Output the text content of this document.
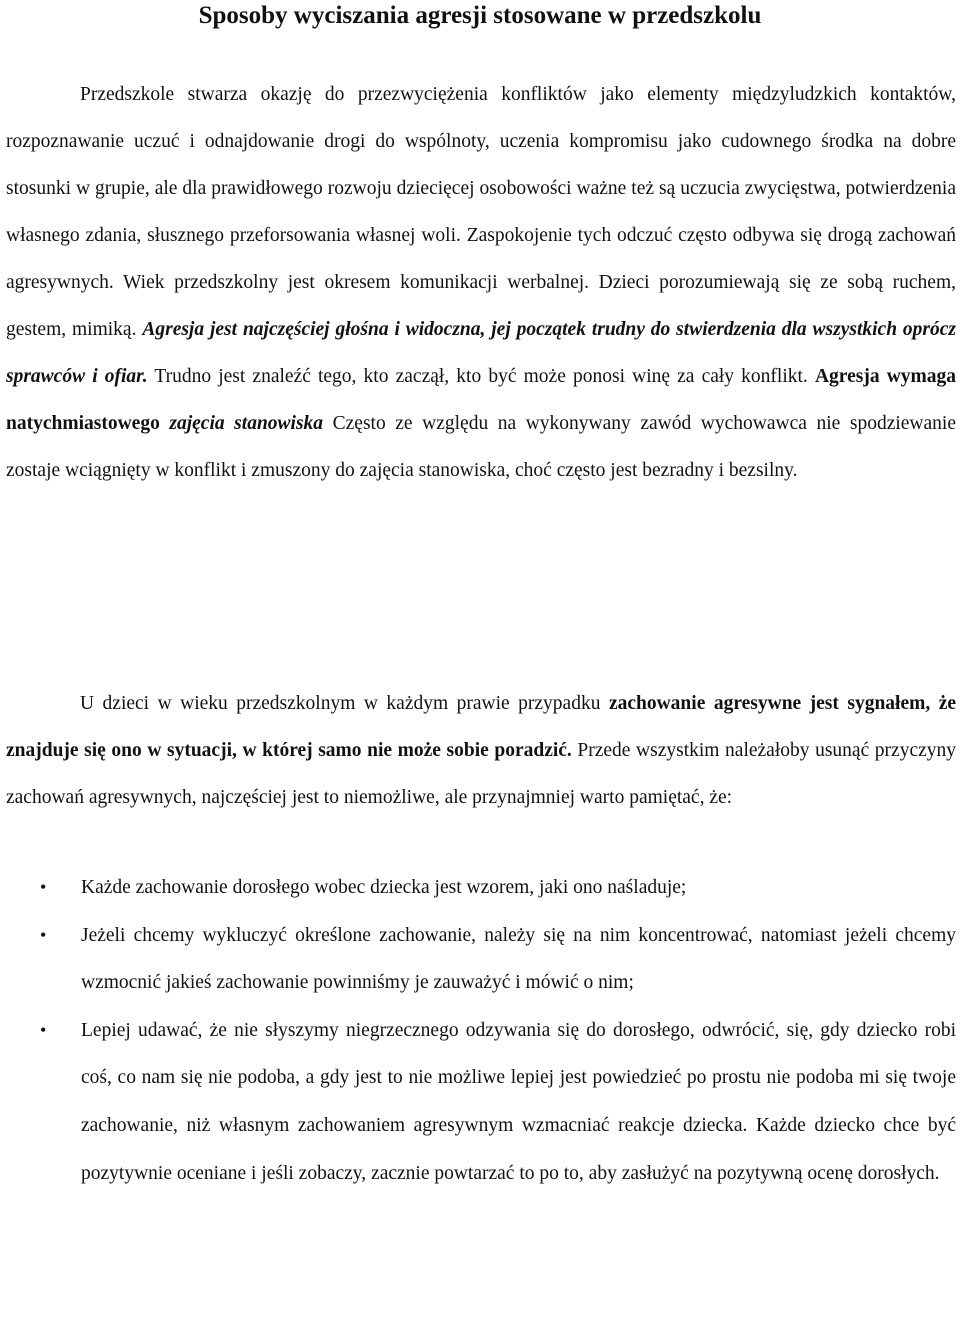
Sposoby wyciszania agresji stosowane w przedszkolu

Przedszkole stwarza okazję do przezwyciężenia konfliktów jako elementy międzyludzkich kontaktów, rozpoznawanie uczuć i odnajdowanie drogi do wspólnoty, uczenia kompromisu jako cudownego środka na dobre stosunki w grupie, ale dla prawidłowego rozwoju dziecięcej osobowości ważne też są uczucia zwycięstwa, potwierdzenia własnego zdania, słusznego przeforsowania własnej woli. Zaspokojenie tych odczuć często odbywa się drogą zachowań agresywnych. Wiek przedszkolny jest okresem komunikacji werbalnej. Dzieci porozumiewają się ze sobą ruchem, gestem, mimiką. Agresja jest najczęściej głośna i widoczna, jej początek trudny do stwierdzenia dla wszystkich oprócz sprawców i ofiar. Trudno jest znaleźć tego, kto zaczął, kto być może ponosi winę za cały konflikt. Agresja wymaga natychmiastowego zajęcia stanowiska Często ze względu na wykonywany zawód wychowawca nie spodziewanie zostaje wciągnięty w konflikt i zmuszony do zajęcia stanowiska, choć często jest bezradny i bezsilny.

U dzieci w wieku przedszkolnym w każdym prawie przypadku zachowanie agresywne jest sygnałem, że znajduje się ono w sytuacji, w której samo nie może sobie poradzić. Przede wszystkim należałoby usunąć przyczyny zachowań agresywnych, najczęściej jest to niemożliwe, ale przynajmniej warto pamiętać, że:

• Każde zachowanie dorosłego wobec dziecka jest wzorem, jaki ono naśladuje;
• Jeżeli chcemy wykluczyć określone zachowanie, należy się na nim koncentrować, natomiast jeżeli chcemy wzmocnić jakieś zachowanie powinniśmy je zauważyć i mówić o nim;
• Lepiej udawać, że nie słyszymy niegrzecznego odzywania się do dorosłego, odwrócić, się, gdy dziecko robi coś, co nam się nie podoba, a gdy jest to nie możliwe lepiej jest powiedzieć po prostu nie podoba mi się twoje zachowanie, niż własnym zachowaniem agresywnym wzmacniać reakcje dziecka. Każde dziecko chce być pozytywnie oceniane i jeśli zobaczy, zacznie powtarzać to po to, aby zasłużyć na pozytywną ocenę dorosłych.
